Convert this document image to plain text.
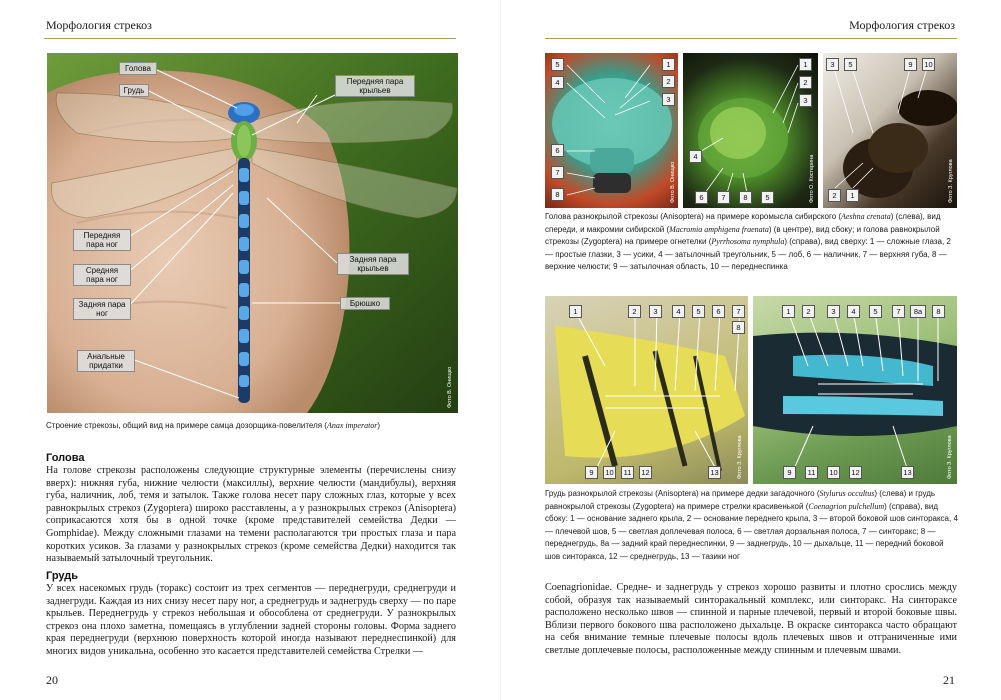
Морфология стрекоз
Голова
Грудь
Передняя пара крыльев
Передняя пара ног
Средняя пара ног
Задняя пара ног
Задняя пара крыльев
Брюшко
Анальные придатки
Фото В. Онищко

Строение стрекозы, общий вид на примере самца дозорщика-повелителя (Anax imperator)

Голова

На голове стрекозы расположены следующие структурные элементы (перечислены снизу вверх): нижняя губа, нижние челюсти (максиллы), верхние челюсти (мандибулы), верхняя губа, наличник, лоб, темя и затылок. Также голова несет пару сложных глаз, которые у всех равнокрылых стрекоз (Zygoptera) широко расставлены, а у разнокрылых стрекоз (Anisoptera) соприкасаются хотя бы в одной точке (кроме представителей семейства Дедки — Gomphidae). Между сложными глазами на темени располагаются три простых глаза и пара коротких усиков. За глазами у разнокрылых стрекоз (кроме семейства Дедки) находится так называемый затылочный треугольник.

Грудь

У всех насекомых грудь (торакс) состоит из трех сегментов — переднегруди, среднегруди и заднегруди. Каждая из них снизу несет пару ног, а среднегрудь и заднегрудь сверху — по паре крыльев. Переднегрудь у стрекоз небольшая и обособлена от среднегруди. У разнокрылых стрекоз она плохо заметна, помещаясь в углублении задней стороны головы. Форма заднего края переднегруди (верхнюю поверхность которой иногда называют переднеспинкой) для многих видов уникальна, особенно это касается представителей семейства Стрелки —

20
Морфология стрекоз
5	1
2
3
4
6
7
8	Фото В. Онищко
1
2
3
4
6	7	8	5	Фото О. Костерина
3	5	9	10
2	1	Фото З. Круглова

Голова разнокрылой стрекозы (Anisoptera) на примере коромысла сибирского (Aeshna crenata) (слева), вид спереди, и макромии сибирской (Macromia amphigena fraenata) (в центре), вид сбоку; и голова равнокрылой стрекозы (Zygoptera) на примере огнетелки (Pyrrhosoma nymphula) (справа), вид сверху: 1 — сложные глаза, 2 — простые глазки, 3 — усики, 4 — затылочный треугольник, 5 — лоб, 6 — наличник, 7 — верхняя губа, 8 — верхние челюсти; 9 — затылочная область, 10 — переднеспинка

1	2	3	4	5	6	7
8
9	10	11	12	13	Фото З. Круглова
1	2	3	4	5	7	8a	8
9	11	10	12	13	Фото З. Круглова

Грудь разнокрылой стрекозы (Anisoptera) на примере дедки загадочного (Stylurus occultus) (слева) и грудь равнокрылой стрекозы (Zygoptera) на примере стрелки красивенькой (Coenagrion pulchellum) (справа), вид сбоку: 1 — основание заднего крыла, 2 — основание переднего крыла, 3 — второй боковой шов синторакса, 4 — плечевой шов, 5 — светлая доплечевая полоса, 6 — светлая дорзальная полоса, 7 — синторакс; 8 — переднегрудь, 8а — задний край переднеспинки, 9 — заднегрудь, 10 — дыхальце, 11 — передний боковой шов синторакса, 12 — среднегрудь, 13 — тазики ног

Coenagrionidae. Средне- и заднегрудь у стрекоз хорошо развиты и плотно срослись между собой, образуя так называемый синторакальный комплекс, или синторакс. На синтораксе расположено несколько швов — спинной и парные плечевой, первый и второй боковые швы. Вблизи первого бокового шва расположено дыхальце. В окраске синторакса часто обращают на себя внимание темные плечевые полосы вдоль плечевых швов и отграниченные ими светлые доплечевые полосы, расположенные между спинным и плечевым швами.

21
